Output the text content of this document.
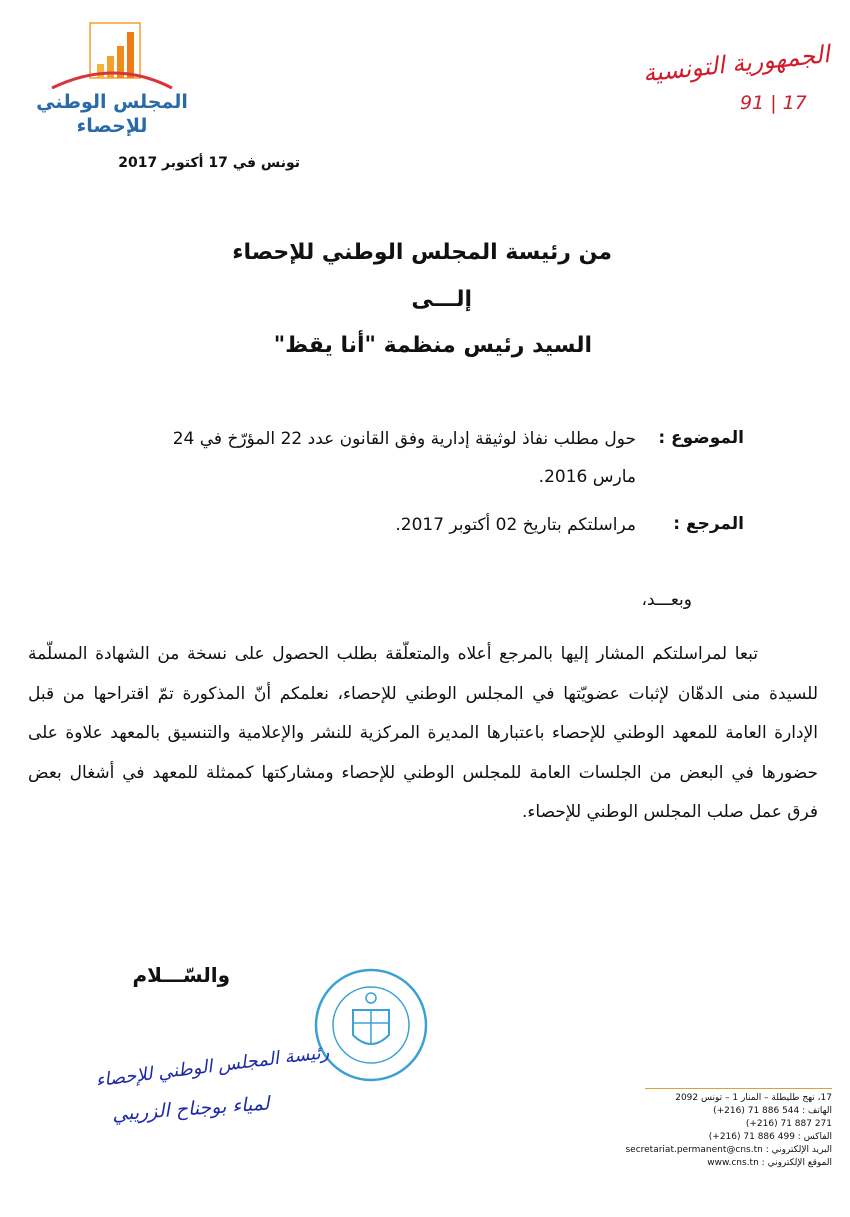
المجلس الوطني
للإحصاء
الجمهورية التونسية
91 | 17
تونس في 17 أكتوبر 2017
من رئيسة المجلس الوطني للإحصاء
إلـــى
السيد رئيس منظمة "أنا يقظ"
الموضوع :
حول مطلب نفاذ لوثيقة إدارية وفق القانون عدد 22 المؤرّخ في 24 مارس 2016.
المرجع :
مراسلتكم بتاريخ 02 أكتوبر 2017.
وبعـــد،
تبعا لمراسلتكم المشار إليها بالمرجع أعلاه والمتعلّقة بطلب الحصول على نسخة من الشهادة المسلّمة للسيدة منى الدهّان لإثبات عضويّتها في المجلس الوطني للإحصاء، نعلمكم أنّ المذكورة تمّ اقتراحها من قبل الإدارة العامة للمعهد الوطني للإحصاء باعتبارها المديرة المركزية للنشر والإعلامية والتنسيق بالمعهد علاوة على حضورها في البعض من الجلسات العامة للمجلس الوطني للإحصاء ومشاركتها كممثلة للمعهد في أشغال بعض فرق عمل صلب المجلس الوطني للإحصاء.
والسّـــلام
رئيسة المجلس الوطني للإحصاء
لمياء بوجناح الزريبي	17، نهج طليطلة – المنار 1 – تونس 2092
الهاتف : (+216) 71 886 544
(+216) 71 887 271
الفاكس : (+216) 71 886 499
البريد الإلكتروني : secretariat.permanent@cns.tn
الموقع الإلكتروني : www.cns.tn
